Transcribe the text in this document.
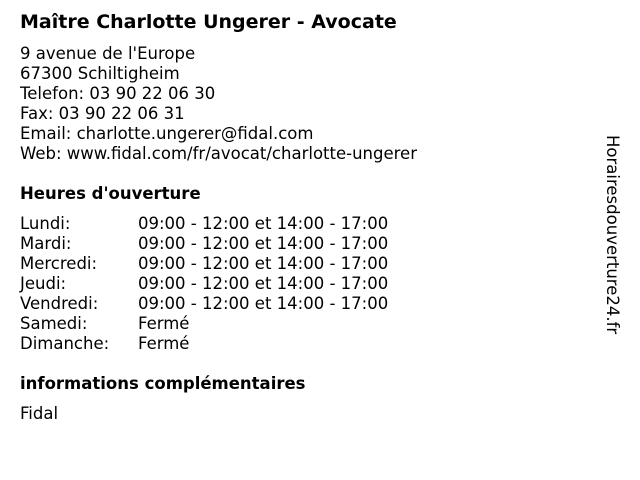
Maître Charlotte Ungerer - Avocate
9 avenue de l'Europe
67300 Schiltigheim
Telefon: 03 90 22 06 30
Fax: 03 90 22 06 31
Email: charlotte.ungerer@fidal.com
Web: www.fidal.com/fr/avocat/charlotte-ungerer
Heures d'ouverture
Lundi:	09:00 - 12:00 et 14:00 - 17:00
Mardi:	09:00 - 12:00 et 14:00 - 17:00
Mercredi: 09:00 - 12:00 et 14:00 - 17:00
Jeudi:	09:00 - 12:00 et 14:00 - 17:00
Vendredi: 09:00 - 12:00 et 14:00 - 17:00
Samedi:	Fermé
Dimanche: Fermé
informations complémentaires
Fidal
Horairesdouverture24.fr
